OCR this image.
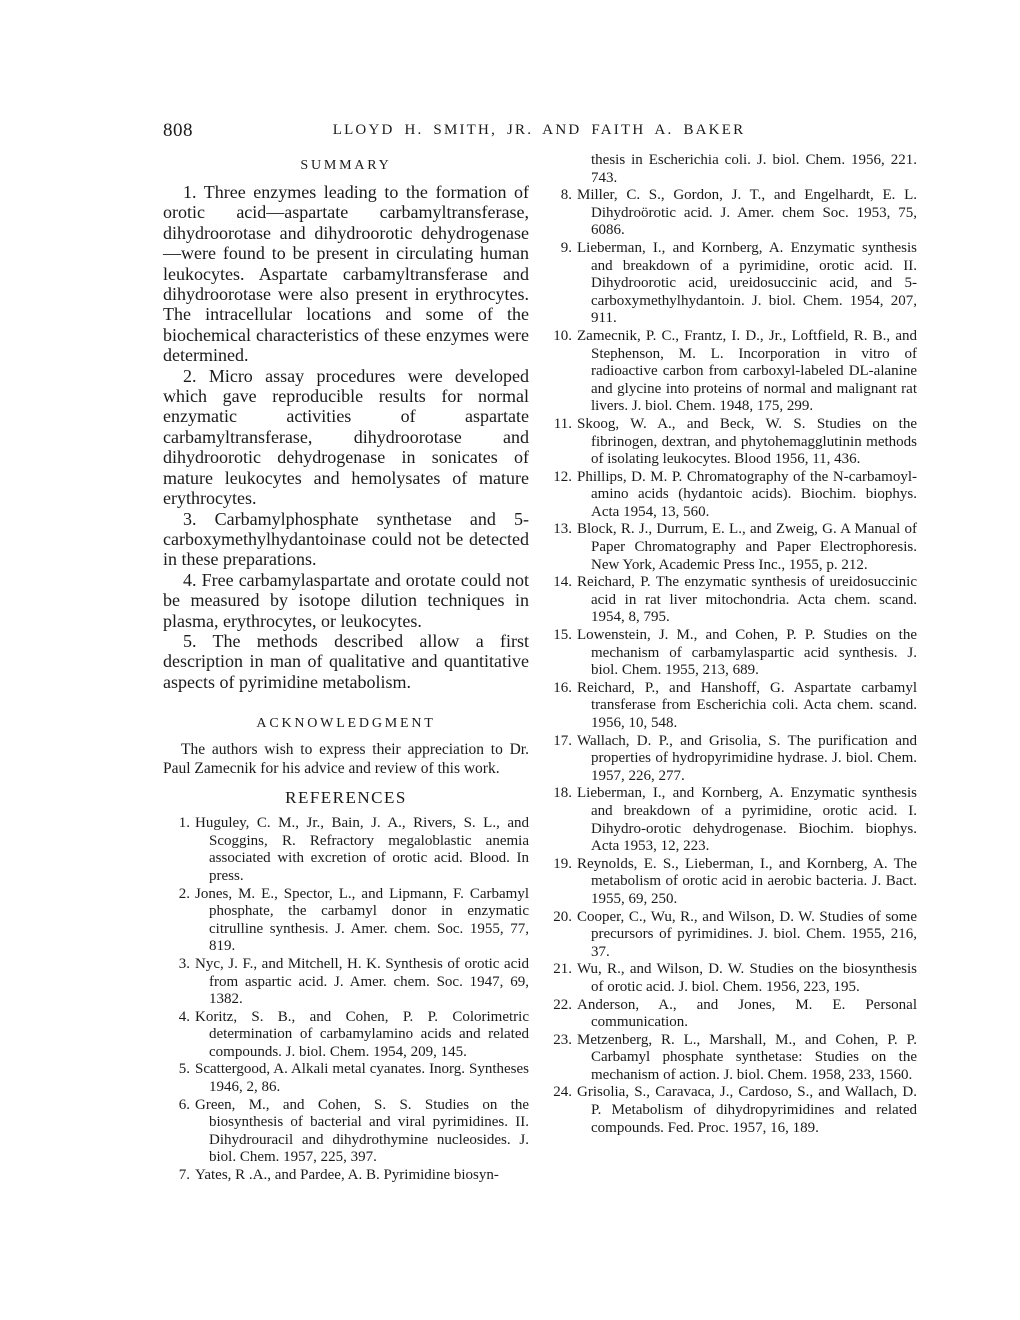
808	LLOYD H. SMITH, JR. AND FAITH A. BAKER
SUMMARY

1. Three enzymes leading to the formation of orotic acid—aspartate carbamyltransferase, dihydroorotase and dihydroorotic dehydrogenase—were found to be present in circulating human leukocytes. Aspartate carbamyltransferase and dihydroorotase were also present in erythrocytes. The intracellular locations and some of the biochemical characteristics of these enzymes were determined.

2. Micro assay procedures were developed which gave reproducible results for normal enzymatic activities of aspartate carbamyltransferase, dihydroorotase and dihydroorotic dehydrogenase in sonicates of mature leukocytes and hemolysates of mature erythrocytes.

3. Carbamylphosphate synthetase and 5-carboxymethylhydantoinase could not be detected in these preparations.

4. Free carbamylaspartate and orotate could not be measured by isotope dilution techniques in plasma, erythrocytes, or leukocytes.

5. The methods described allow a first description in man of qualitative and quantitative aspects of pyrimidine metabolism.

ACKNOWLEDGMENT

The authors wish to express their appreciation to Dr. Paul Zamecnik for his advice and review of this work.

REFERENCES
1. Huguley, C. M., Jr., Bain, J. A., Rivers, S. L., and Scoggins, R. Refractory megaloblastic anemia associated with excretion of orotic acid. Blood. In press.
2. Jones, M. E., Spector, L., and Lipmann, F. Carbamyl phosphate, the carbamyl donor in enzymatic citrulline synthesis. J. Amer. chem. Soc. 1955, 77, 819.
3. Nyc, J. F., and Mitchell, H. K. Synthesis of orotic acid from aspartic acid. J. Amer. chem. Soc. 1947, 69, 1382.
4. Koritz, S. B., and Cohen, P. P. Colorimetric determination of carbamylamino acids and related compounds. J. biol. Chem. 1954, 209, 145.
5. Scattergood, A. Alkali metal cyanates. Inorg. Syntheses 1946, 2, 86.
6. Green, M., and Cohen, S. S. Studies on the biosynthesis of bacterial and viral pyrimidines. II. Dihydrouracil and dihydrothymine nucleosides. J. biol. Chem. 1957, 225, 397.
7. Yates, R .A., and Pardee, A. B. Pyrimidine biosyn-

thesis in Escherichia coli. J. biol. Chem. 1956, 221. 743.

8. Miller, C. S., Gordon, J. T., and Engelhardt, E. L. Dihydroörotic acid. J. Amer. chem Soc. 1953, 75, 6086.
9. Lieberman, I., and Kornberg, A. Enzymatic synthesis and breakdown of a pyrimidine, orotic acid. II. Dihydroorotic acid, ureidosuccinic acid, and 5-carboxymethylhydantoin. J. biol. Chem. 1954, 207, 911.
10. Zamecnik, P. C., Frantz, I. D., Jr., Loftfield, R. B., and Stephenson, M. L. Incorporation in vitro of radioactive carbon from carboxyl-labeled DL-alanine and glycine into proteins of normal and malignant rat livers. J. biol. Chem. 1948, 175, 299.
11. Skoog, W. A., and Beck, W. S. Studies on the fibrinogen, dextran, and phytohemagglutinin methods of isolating leukocytes. Blood 1956, 11, 436.
12. Phillips, D. M. P. Chromatography of the N-carbamoyl-amino acids (hydantoic acids). Biochim. biophys. Acta 1954, 13, 560.
13. Block, R. J., Durrum, E. L., and Zweig, G. A Manual of Paper Chromatography and Paper Electrophoresis. New York, Academic Press Inc., 1955, p. 212.
14. Reichard, P. The enzymatic synthesis of ureidosuccinic acid in rat liver mitochondria. Acta chem. scand. 1954, 8, 795.
15. Lowenstein, J. M., and Cohen, P. P. Studies on the mechanism of carbamylaspartic acid synthesis. J. biol. Chem. 1955, 213, 689.
16. Reichard, P., and Hanshoff, G. Aspartate carbamyl transferase from Escherichia coli. Acta chem. scand. 1956, 10, 548.
17. Wallach, D. P., and Grisolia, S. The purification and properties of hydropyrimidine hydrase. J. biol. Chem. 1957, 226, 277.
18. Lieberman, I., and Kornberg, A. Enzymatic synthesis and breakdown of a pyrimidine, orotic acid. I. Dihydro-orotic dehydrogenase. Biochim. biophys. Acta 1953, 12, 223.
19. Reynolds, E. S., Lieberman, I., and Kornberg, A. The metabolism of orotic acid in aerobic bacteria. J. Bact. 1955, 69, 250.
20. Cooper, C., Wu, R., and Wilson, D. W. Studies of some precursors of pyrimidines. J. biol. Chem. 1955, 216, 37.
21. Wu, R., and Wilson, D. W. Studies on the biosynthesis of orotic acid. J. biol. Chem. 1956, 223, 195.
22. Anderson, A., and Jones, M. E. Personal communication.
23. Metzenberg, R. L., Marshall, M., and Cohen, P. P. Carbamyl phosphate synthetase: Studies on the mechanism of action. J. biol. Chem. 1958, 233, 1560.
24. Grisolia, S., Caravaca, J., Cardoso, S., and Wallach, D. P. Metabolism of dihydropyrimidines and related compounds. Fed. Proc. 1957, 16, 189.
